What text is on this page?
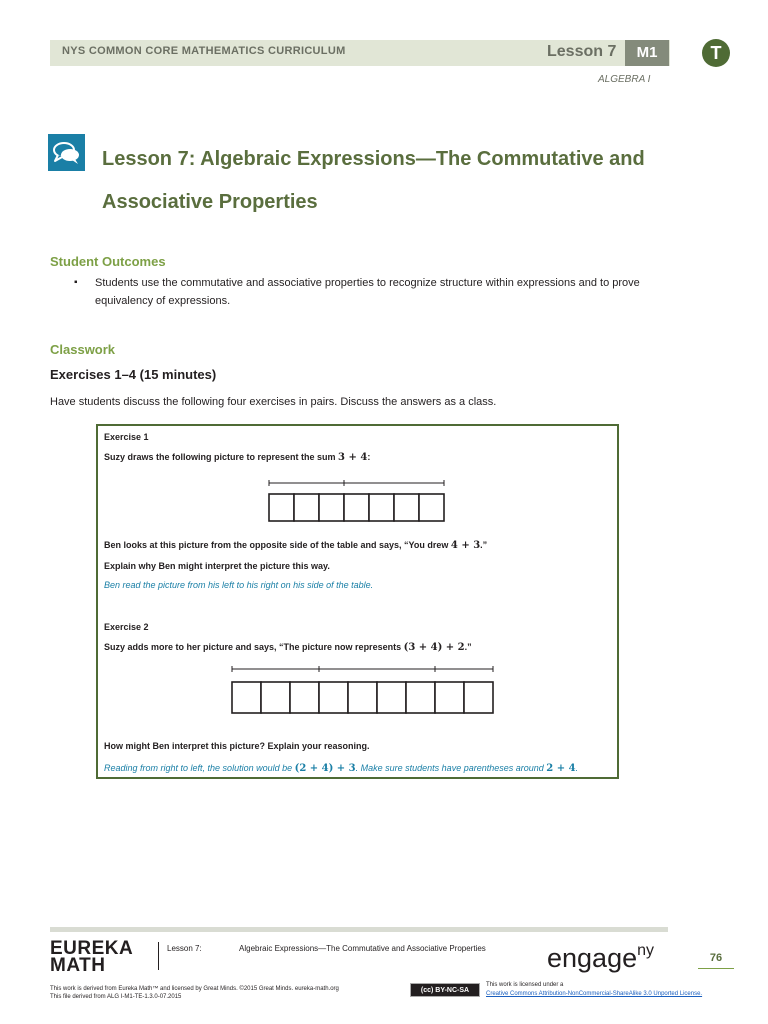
NYS COMMON CORE MATHEMATICS CURRICULUM	Lesson 7	M1	T
ALGEBRA I
Lesson 7: Algebraic Expressions—The Commutative and Associative Properties
Student Outcomes
▪ Students use the commutative and associative properties to recognize structure within expressions and to prove equivalency of expressions.
Classwork
Exercises 1–4 (15 minutes)
Have students discuss the following four exercises in pairs. Discuss the answers as a class.
Exercise 1
Suzy draws the following picture to represent the sum 3 + 4:
Ben looks at this picture from the opposite side of the table and says, “You drew 4 + 3.”
Explain why Ben might interpret the picture this way.
Ben read the picture from his left to his right on his side of the table.
Exercise 2
Suzy adds more to her picture and says, “The picture now represents (3 + 4) + 2.”
How might Ben interpret this picture? Explain your reasoning.
Reading from right to left, the solution would be (2 + 4) + 3. Make sure students have parentheses around 2 + 4.
EUREKA
MATH
Lesson 7:	Algebraic Expressions—The Commutative and Associative Properties engage$^{ny}$	76
This work is derived from Eureka Math™ and licensed by Great Minds. ©2015 Great Minds. eureka-math.org
This file derived from ALG I-M1-TE-1.3.0-07.2015
(cc) BY-NC-SA
This work is licensed under a
Creative Commons Attribution-NonCommercial-ShareAlike 3.0 Unported License.
